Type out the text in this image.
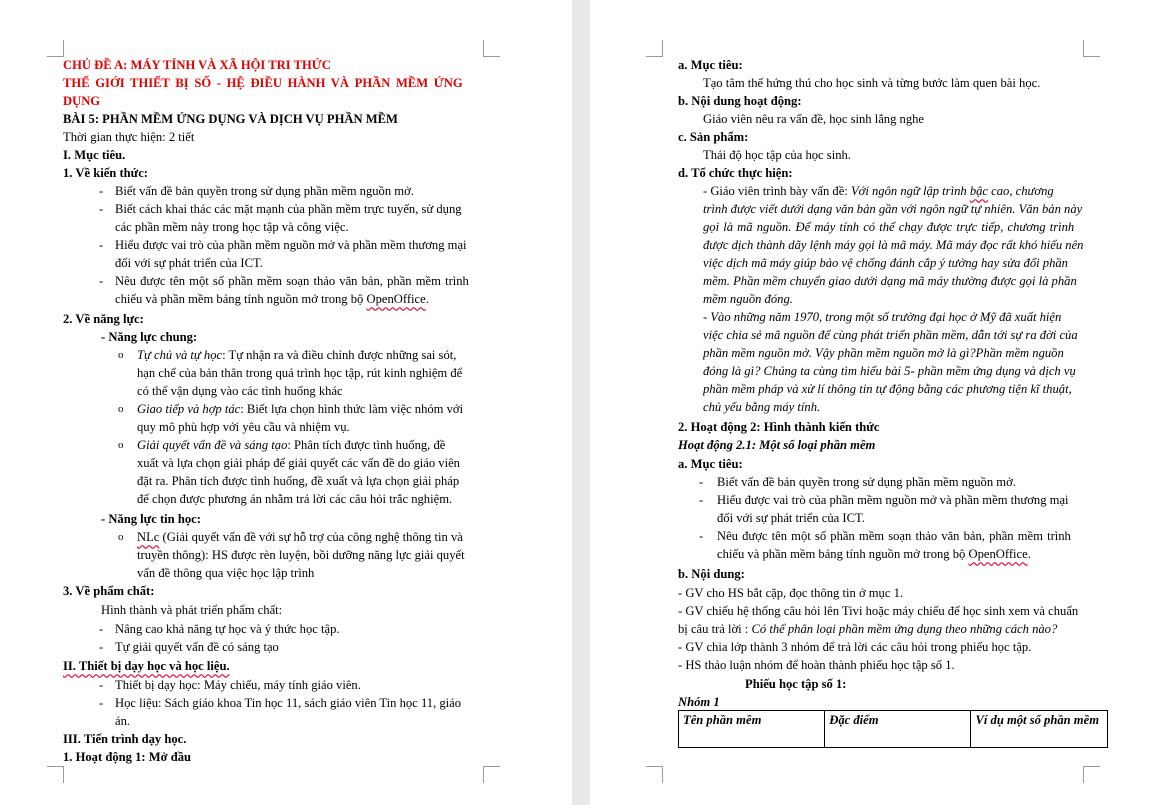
CHỦ ĐỀ A: MÁY TÍNH VÀ XÃ HỘI TRI THỨC
THẾ GIỚI THIẾT BỊ SỐ - HỆ ĐIỀU HÀNH VÀ PHẦN MỀM ỨNG
DỤNG
BÀI 5: PHẦN MỀM ỨNG DỤNG VÀ DỊCH VỤ PHẦN MỀM
Thời gian thực hiện: 2 tiết
I. Mục tiêu.
1. Về kiến thức:
- Biết vấn đề bản quyền trong sử dụng phần mềm nguồn mở.
- Biết cách khai thác các mặt mạnh của phần mềm trực tuyến, sử dụng
các phần mềm này trong học tập và công việc.
- Hiểu được vai trò của phần mềm nguồn mở và phần mềm thương mại
đối với sự phát triển của ICT.
- Nêu được tên một số phần mềm soạn thảo văn bản, phần mềm trình
chiếu và phần mềm bảng tính nguồn mở trong bộ OpenOffice.
2. Về năng lực:
- Năng lực chung:
o Tự chủ và tự học: Tự nhận ra và điều chỉnh được những sai sót,
hạn chế của bản thân trong quá trình học tập, rút kinh nghiệm để
có thể vận dụng vào các tình huống khác
o Giao tiếp và hợp tác: Biết lựa chọn hình thức làm việc nhóm với
quy mô phù hợp với yêu cầu và nhiệm vụ.
o Giải quyết vấn đề và sáng tạo: Phân tích được tình huống, đề
xuất và lựa chọn giải pháp để giải quyết các vấn đề do giáo viên
đặt ra. Phân tích được tình huống, đề xuất và lựa chọn giải pháp
để chọn được phương án nhằm trả lời các câu hỏi trắc nghiệm.
- Năng lực tin học:
o NLc (Giải quyết vấn đề với sự hỗ trợ của công nghệ thông tin và
truyền thông): HS được rèn luyện, bồi dưỡng năng lực giải quyết
vấn đề thông qua việc học lập trình
3. Về phẩm chất:
Hình thành và phát triển phẩm chất:
- Nâng cao khả năng tự học và ý thức học tập.
- Tự giải quyết vấn đề có sáng tạo
II. Thiết bị dạy học và học liệu.
- Thiết bị dạy học: Máy chiếu, máy tính giáo viên.
- Học liệu: Sách giáo khoa Tin học 11, sách giáo viên Tin học 11, giáo
án.
III. Tiến trình dạy học.
1. Hoạt động 1: Mở đầu
a. Mục tiêu:
Tạo tâm thế hứng thú cho học sinh và từng bước làm quen bài học.
b. Nội dung hoạt động:
Giáo viên nêu ra vấn đề, học sinh lắng nghe
c. Sản phẩm:
Thái độ học tập của học sinh.
d. Tổ chức thực hiện:
- Giáo viên trình bày vấn đề: Với ngôn ngữ lập trình bậc cao, chương
trình được viết dưới dạng văn bản gần với ngôn ngữ tự nhiên. Văn bản này
gọi là mã nguồn. Để máy tính có thể chạy được trực tiếp, chương trình
được dịch thành dãy lệnh máy gọi là mã máy. Mã máy đọc rất khó hiểu nên
việc dịch mã máy giúp bảo vệ chống đánh cắp ý tưởng hay sửa đổi phần
mềm. Phần mềm chuyển giao dưới dạng mã máy thường được gọi là phần
mềm nguồn đóng.
- Vào những năm 1970, trong một số trường đại học ở Mỹ đã xuất hiện
việc chia sẻ mã nguồn để cùng phát triển phần mềm, dẫn tới sự ra đời của
phần mềm nguồn mở. Vậy phần mềm nguồn mở là gì?Phần mềm nguồn
đóng là gì? Chúng ta cùng tìm hiểu bài 5- phần mềm ứng dụng và dịch vụ
phần mềm pháp và xử lí thông tin tự động bằng các phương tiện kĩ thuật,
chủ yếu bằng máy tính.
2. Hoạt động 2: Hình thành kiến thức
Hoạt động 2.1: Một số loại phần mềm
a. Mục tiêu:
- Biết vấn đề bản quyền trong sử dụng phần mềm nguồn mở.
- Hiểu được vai trò của phần mềm nguồn mở và phần mềm thương mại
đối với sự phát triển của ICT.
- Nêu được tên một số phần mềm soạn thảo văn bản, phần mềm trình
chiếu và phần mềm bảng tính nguồn mở trong bộ OpenOffice.
b. Nội dung:
- GV cho HS bắt cặp, đọc thông tin ở mục 1.
- GV chiếu hệ thống câu hỏi lên Tivi hoặc máy chiếu để học sinh xem và chuẩn
bị câu trả lời : Có thể phân loại phần mềm ứng dụng theo những cách nào?
- GV chia lớp thành 3 nhóm để trả lời các câu hỏi trong phiếu học tập.
- HS thảo luận nhóm để hoàn thành phiếu học tập số 1.
Phiếu học tập số 1:
Nhóm 1
Tên phần mềm	Đặc điểm	Ví dụ một số phần mềm
